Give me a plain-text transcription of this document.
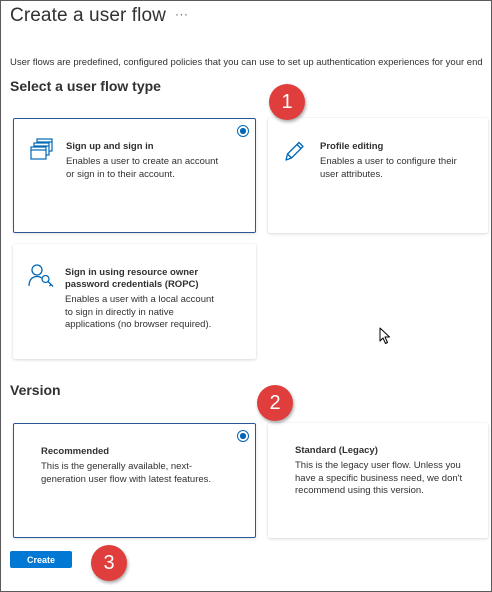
Create a user flow ···
User flows are predefined, configured policies that you can use to set up authentication experiences for your end
Select a user flow type
Sign up and sign in
Enables a user to create an account
or sign in to their account.
Profile editing
Enables a user to configure their
user attributes.
Sign in using resource owner
password credentials (ROPC)
Enables a user with a local account
to sign in directly in native
applications (no browser required).
Version
Recommended
This is the generally available, next-
generation user flow with latest features.
Standard (Legacy)
This is the legacy user flow. Unless you
have a specific business need, we don't
recommend using this version.
Create
1
2
3
